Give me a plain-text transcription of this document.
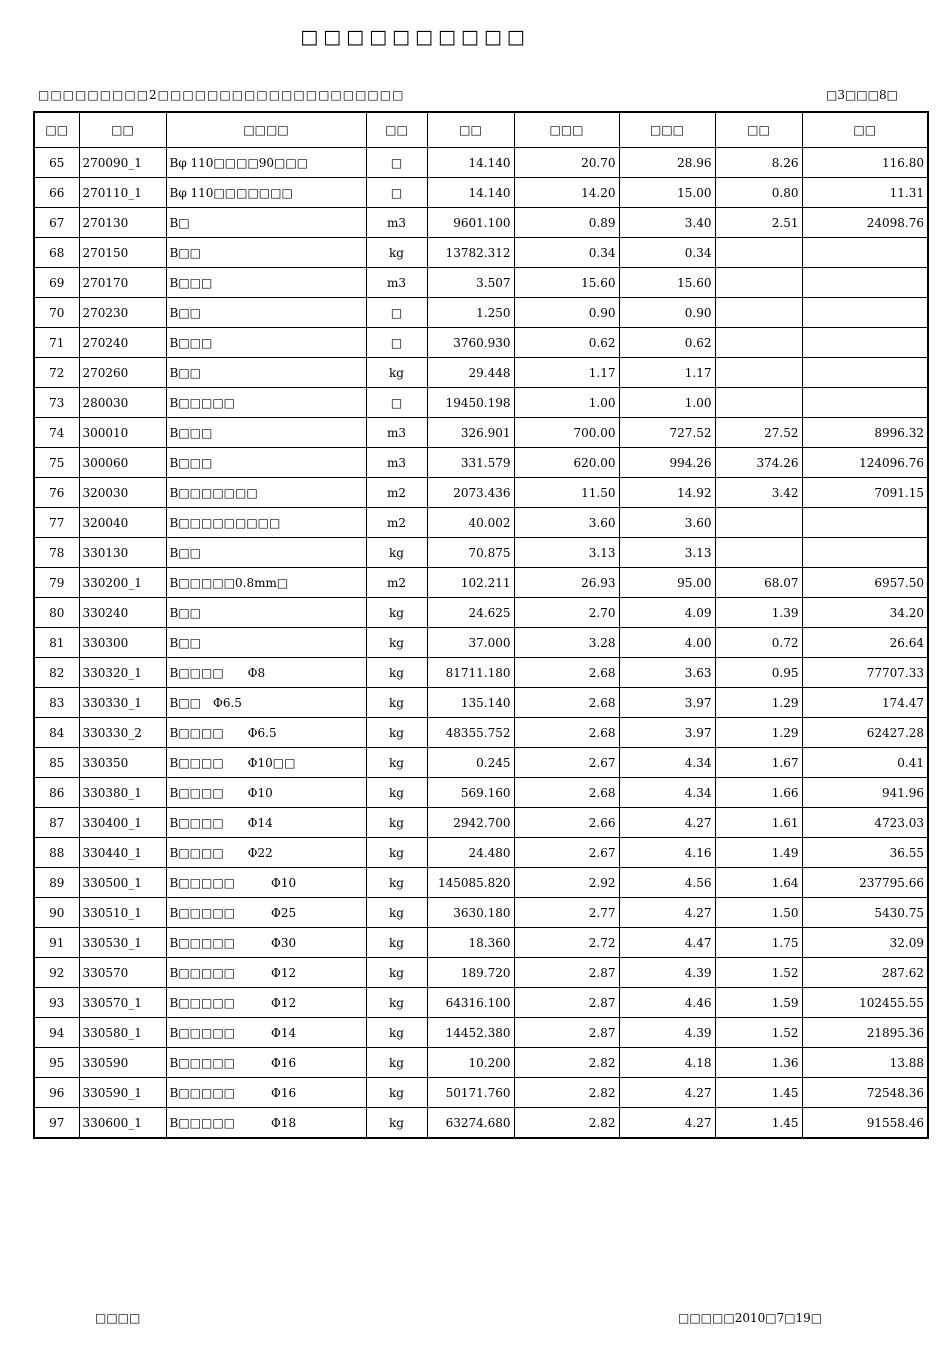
□□□□□□□□□□
□□□□□□□□□2□□□□□□□□□□□□□□□□□□□□	□3□□□8□
□□	□□	□□□□	□□	□□	□□□	□□□	□□	□□
65	270090_1	Bφ 110□□□□90□□□	□	14.140	20.70	28.96	8.26	116.80
66	270110_1	Bφ 110□□□□□□□	□	14.140	14.20	15.00	0.80	11.31
67	270130	B□	m3	9601.100	0.89	3.40	2.51	24098.76
68	270150	B□□	kg	13782.312	0.34	0.34		
69	270170	B□□□	m3	3.507	15.60	15.60		
70	270230	B□□	□	1.250	0.90	0.90		
71	270240	B□□□	□	3760.930	0.62	0.62		
72	270260	B□□	kg	29.448	1.17	1.17		
73	280030	B□□□□□	□	19450.198	1.00	1.00		
74	300010	B□□□	m3	326.901	700.00	727.52	27.52	8996.32
75	300060	B□□□	m3	331.579	620.00	994.26	374.26	124096.76
76	320030	B□□□□□□□	m2	2073.436	11.50	14.92	3.42	7091.15
77	320040	B□□□□□□□□□	m2	40.002	3.60	3.60		
78	330130	B□□	kg	70.875	3.13	3.13		
79	330200_1	B□□□□□0.8mm□	m2	102.211	26.93	95.00	68.07	6957.50
80	330240	B□□	kg	24.625	2.70	4.09	1.39	34.20
81	330300	B□□	kg	37.000	3.28	4.00	0.72	26.64
82	330320_1	B□□□□　　Φ8	kg	81711.180	2.68	3.63	0.95	77707.33
83	330330_1	B□□　Φ6.5	kg	135.140	2.68	3.97	1.29	174.47
84	330330_2	B□□□□　　Φ6.5	kg	48355.752	2.68	3.97	1.29	62427.28
85	330350	B□□□□　　Φ10□□	kg	0.245	2.67	4.34	1.67	0.41
86	330380_1	B□□□□　　Φ10	kg	569.160	2.68	4.34	1.66	941.96
87	330400_1	B□□□□　　Φ14	kg	2942.700	2.66	4.27	1.61	4723.03
88	330440_1	B□□□□　　Φ22	kg	24.480	2.67	4.16	1.49	36.55
89	330500_1	B□□□□□　　　Φ10	kg	145085.820	2.92	4.56	1.64	237795.66
90	330510_1	B□□□□□　　　Φ25	kg	3630.180	2.77	4.27	1.50	5430.75
91	330530_1	B□□□□□　　　Φ30	kg	18.360	2.72	4.47	1.75	32.09
92	330570	B□□□□□　　　Φ12	kg	189.720	2.87	4.39	1.52	287.62
93	330570_1	B□□□□□　　　Φ12	kg	64316.100	2.87	4.46	1.59	102455.55
94	330580_1	B□□□□□　　　Φ14	kg	14452.380	2.87	4.39	1.52	21895.36
95	330590	B□□□□□　　　Φ16	kg	10.200	2.82	4.18	1.36	13.88
96	330590_1	B□□□□□　　　Φ16	kg	50171.760	2.82	4.27	1.45	72548.36
97	330600_1	B□□□□□　　　Φ18	kg	63274.680	2.82	4.27	1.45	91558.46
□□□□	□□□□□2010□7□19□
